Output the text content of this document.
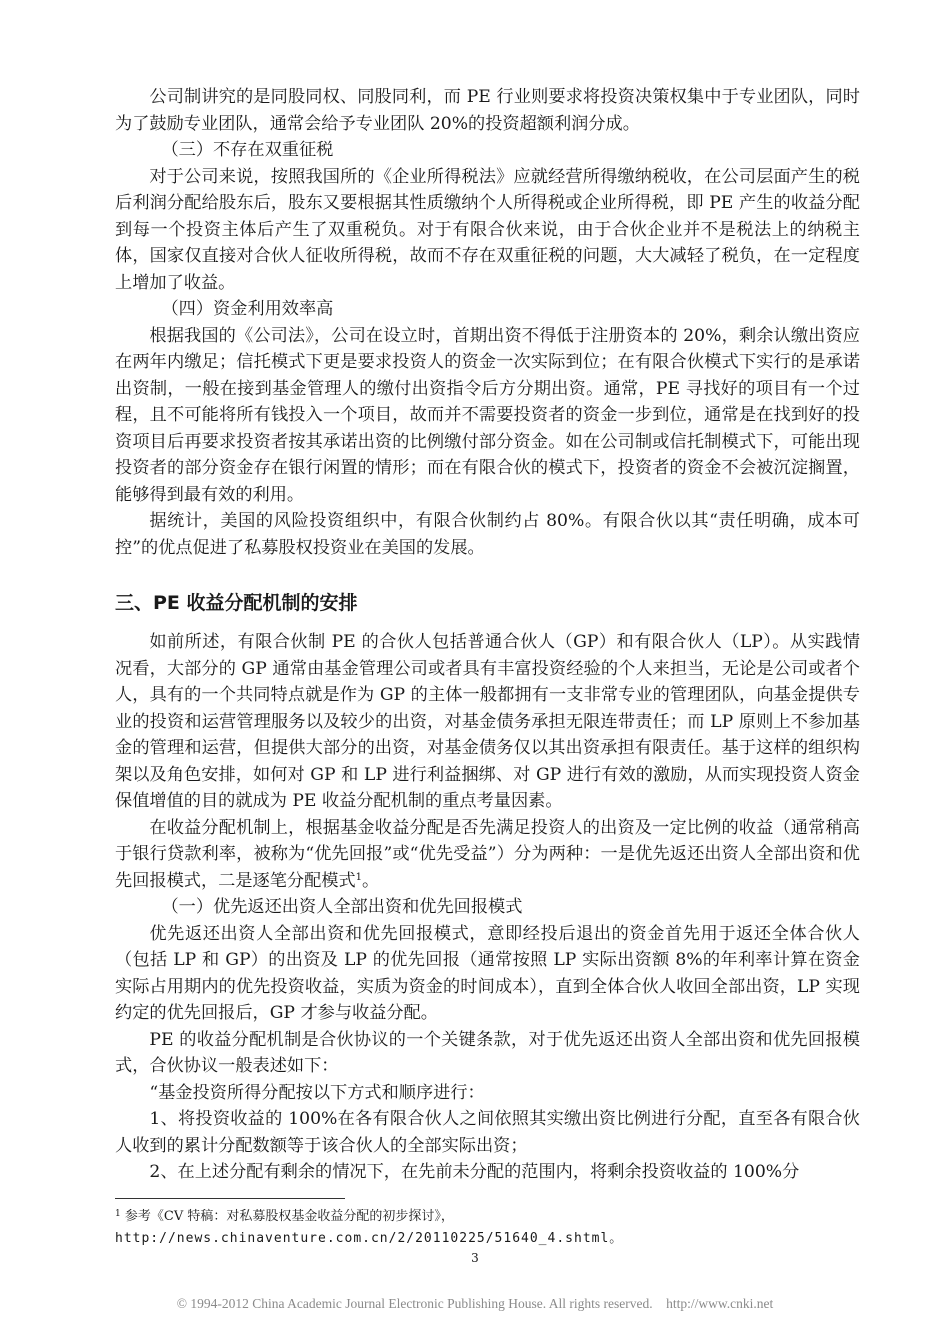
公司制讲究的是同股同权、同股同利，而 PE 行业则要求将投资决策权集中于专业团队，同时为了鼓励专业团队，通常会给予专业团队 20%的投资超额利润分成。

（三）不存在双重征税

对于公司来说，按照我国所的《企业所得税法》应就经营所得缴纳税收，在公司层面产生的税后利润分配给股东后，股东又要根据其性质缴纳个人所得税或企业所得税，即 PE 产生的收益分配到每一个投资主体后产生了双重税负。对于有限合伙来说，由于合伙企业并不是税法上的纳税主体，国家仅直接对合伙人征收所得税，故而不存在双重征税的问题，大大减轻了税负，在一定程度上增加了收益。

（四）资金利用效率高

根据我国的《公司法》，公司在设立时，首期出资不得低于注册资本的 20%，剩余认缴出资应在两年内缴足；信托模式下更是要求投资人的资金一次实际到位；在有限合伙模式下实行的是承诺出资制，一般在接到基金管理人的缴付出资指令后方分期出资。通常，PE 寻找好的项目有一个过程，且不可能将所有钱投入一个项目，故而并不需要投资者的资金一步到位，通常是在找到好的投资项目后再要求投资者按其承诺出资的比例缴付部分资金。如在公司制或信托制模式下，可能出现投资者的部分资金存在银行闲置的情形；而在有限合伙的模式下，投资者的资金不会被沉淀搁置，能够得到最有效的利用。

据统计，美国的风险投资组织中，有限合伙制约占 80%。有限合伙以其“责任明确，成本可控”的优点促进了私募股权投资业在美国的发展。

三、PE 收益分配机制的安排

如前所述，有限合伙制 PE 的合伙人包括普通合伙人（GP）和有限合伙人（LP）。从实践情况看，大部分的 GP 通常由基金管理公司或者具有丰富投资经验的个人来担当，无论是公司或者个人，具有的一个共同特点就是作为 GP 的主体一般都拥有一支非常专业的管理团队，向基金提供专业的投资和运营管理服务以及较少的出资，对基金债务承担无限连带责任；而 LP 原则上不参加基金的管理和运营，但提供大部分的出资，对基金债务仅以其出资承担有限责任。基于这样的组织构架以及角色安排，如何对 GP 和 LP 进行利益捆绑、对 GP 进行有效的激励，从而实现投资人资金保值增值的目的就成为 PE 收益分配机制的重点考量因素。

在收益分配机制上，根据基金收益分配是否先满足投资人的出资及一定比例的收益（通常稍高于银行贷款利率，被称为“优先回报”或“优先受益”）分为两种：一是优先返还出资人全部出资和优先回报模式，二是逐笔分配模式$^1$。

（一）优先返还出资人全部出资和优先回报模式

优先返还出资人全部出资和优先回报模式，意即经投后退出的资金首先用于返还全体合伙人（包括 LP 和 GP）的出资及 LP 的优先回报（通常按照 LP 实际出资额 8%的年利率计算在资金实际占用期内的优先投资收益，实质为资金的时间成本），直到全体合伙人收回全部出资，LP 实现约定的优先回报后，GP 才参与收益分配。

PE 的收益分配机制是合伙协议的一个关键条款，对于优先返还出资人全部出资和优先回报模式，合伙协议一般表述如下：

“基金投资所得分配按以下方式和顺序进行：

1、将投资收益的 100%在各有限合伙人之间依照其实缴出资比例进行分配，直至各有限合伙人收到的累计分配数额等于该合伙人的全部实际出资；

2、在上述分配有剩余的情况下，在先前未分配的范围内，将剩余投资收益的 100%分

$^1$ 参考《CV 特稿：对私募股权基金收益分配的初步探讨》，
http://news.chinaventure.com.cn/2/20110225/51640_4.shtml。
3
© 1994-2012 China Academic Journal Electronic Publishing House. All rights reserved.    http://www.cnki.net
